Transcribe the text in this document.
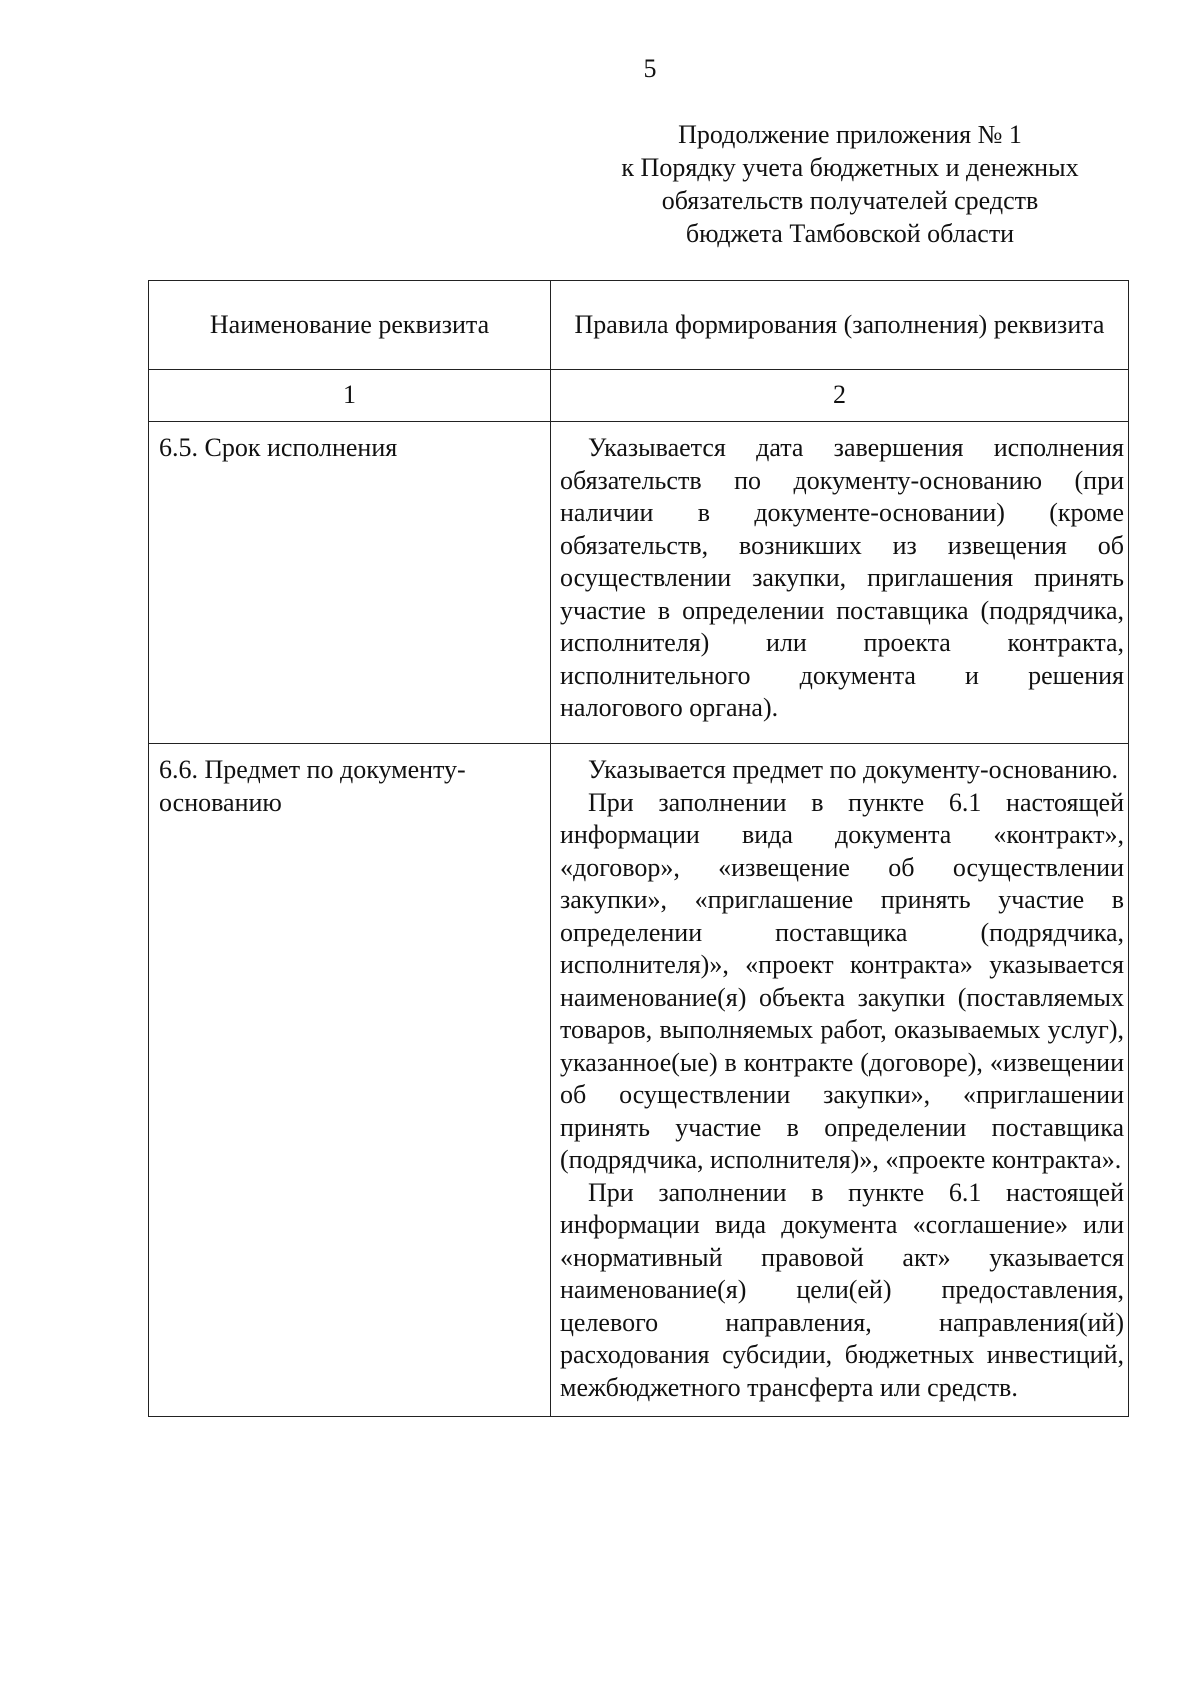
5
Продолжение приложения № 1
к Порядку учета бюджетных и денежных
обязательств получателей средств
бюджета Тамбовской области
Наименование реквизита	Правила формирования (заполнения) реквизита

1	2

6.5. Срок исполнения	Указывается дата завершения исполнения обязательств по документу-основанию (при наличии в документе-основании) (кроме обязательств, возникших из извещения об осуществлении закупки, приглашения принять участие в определении поставщика (подрядчика, исполнителя) или проекта контракта, исполнительного документа и решения налогового органа).

6.6. Предмет по документу-основанию	Указывается предмет по документу-основанию.

При заполнении в пункте 6.1 настоящей информации вида документа «контракт», «договор», «извещение об осуществлении закупки», «приглашение принять участие в определении поставщика (подрядчика, исполнителя)», «проект контракта» указывается наименование(я) объекта закупки (поставляемых товаров, выполняемых работ, оказываемых услуг), указанное(ые) в контракте (договоре), «извещении об осуществлении закупки», «приглашении принять участие в определении поставщика (подрядчика, исполнителя)», «проекте контракта».

При заполнении в пункте 6.1 настоящей информации вида документа «соглашение» или «нормативный правовой акт» указывается наименование(я) цели(ей) предоставления, целевого направления, направления(ий) расходования субсидии, бюджетных инвестиций, межбюджетного трансферта или средств.
